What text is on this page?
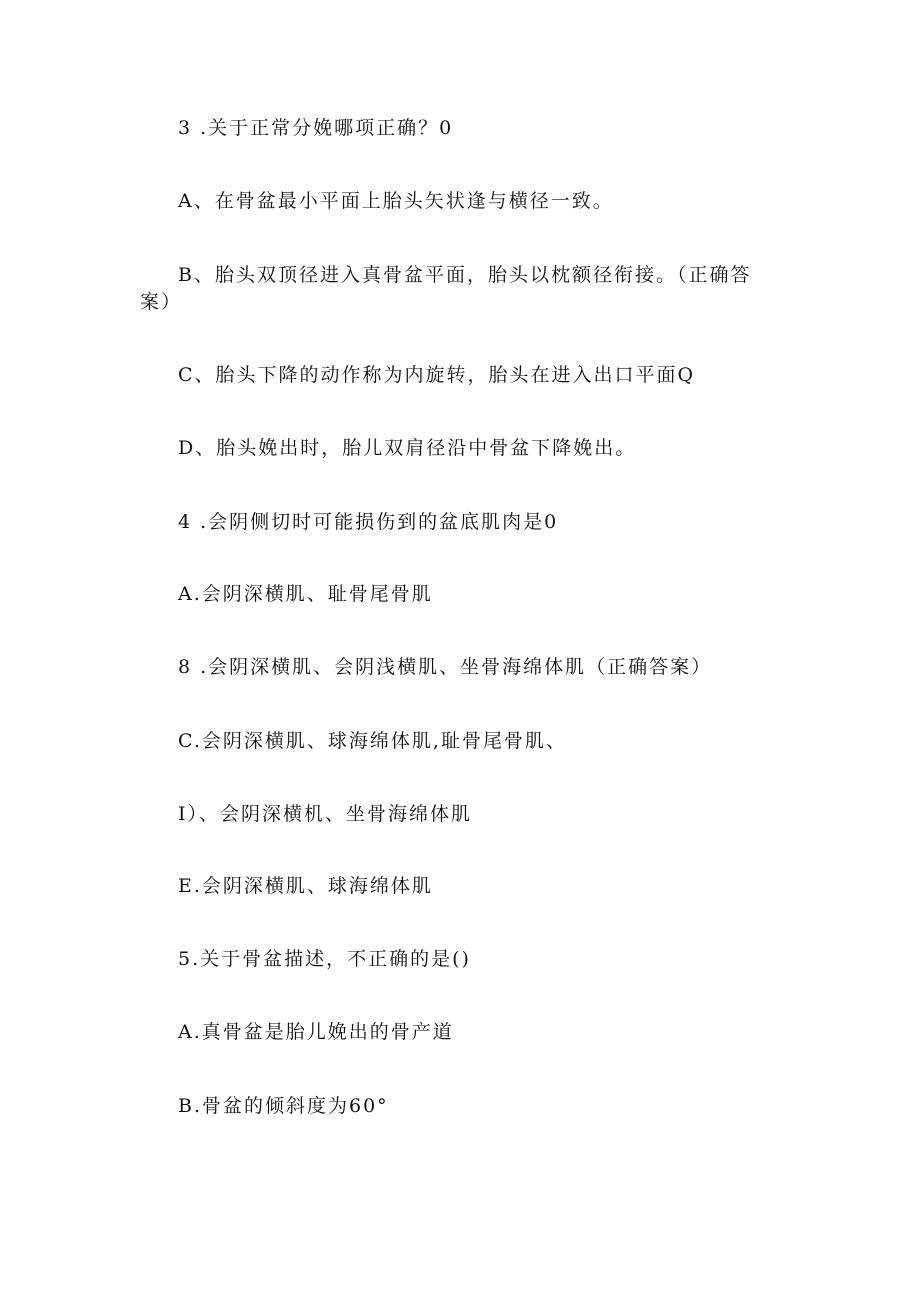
3 .关于正常分娩哪项正确？0
A、在骨盆最小平面上胎头矢状逢与横径一致。
B、胎头双顶径进入真骨盆平面，胎头以枕额径衔接。（正确答
案）
C、胎头下降的动作称为内旋转，胎头在进入出口平面Q
D、胎头娩出时，胎儿双肩径沿中骨盆下降娩出。
4 .会阴侧切时可能损伤到的盆底肌肉是0
A.会阴深横肌、耻骨尾骨肌
8 .会阴深横肌、会阴浅横肌、坐骨海绵体肌（正确答案）
C.会阴深横肌、球海绵体肌,耻骨尾骨肌、
I）、会阴深横机、坐骨海绵体肌
E.会阴深横肌、球海绵体肌
5.关于骨盆描述，不正确的是()
A.真骨盆是胎儿娩出的骨产道
B.骨盆的倾斜度为60°
